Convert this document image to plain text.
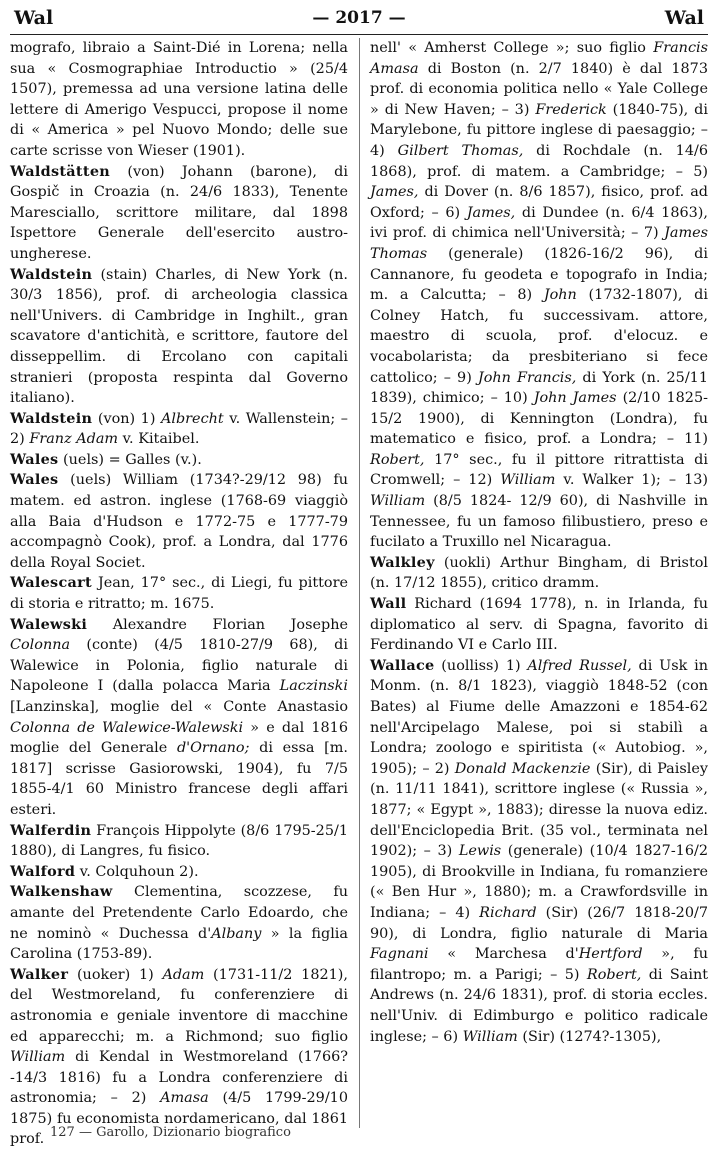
Wal	— 2017 —	Wal

mografo, libraio a Saint-Dié in Lorena; nella sua « Cosmographiae Introductio » (25/4 1507), premessa ad una versione latina delle lettere di Amerigo Vespucci, propose il nome di « America » pel Nuovo Mondo; delle sue carte scrisse von Wieser (1901).

Waldstätten (von) Johann (barone), di Gospič in Croazia (n. 24/6 1833), Tenente Maresciallo, scrittore militare, dal 1898 Ispettore Generale dell'esercito austro-ungherese.

Waldstein (stain) Charles, di New York (n. 30/3 1856), prof. di archeologia classica nell'Univers. di Cambridge in Inghilt., gran scavatore d'antichità, e scrittore, fautore del disseppellim. di Ercolano con capitali stranieri (proposta respinta dal Governo italiano).

Waldstein (von) 1) Albrecht v. Wallenstein; – 2) Franz Adam v. Kitaibel.

Wales (uels) = Galles (v.).

Wales (uels) William (1734?-29/12 98) fu matem. ed astron. inglese (1768-69 viaggiò alla Baia d'Hudson e 1772-75 e 1777-79 accompagnò Cook), prof. a Londra, dal 1776 della Royal Societ.

Walescart Jean, 17° sec., di Liegi, fu pittore di storia e ritratto; m. 1675.

Walewski Alexandre Florian Josephe Colonna (conte) (4/5 1810-27/9 68), di Walewice in Polonia, figlio naturale di Napoleone I (dalla polacca Maria Laczinski [Lanzinska], moglie del « Conte Anastasio Colonna de Walewice-Walewski » e dal 1816 moglie del Generale d'Ornano; di essa [m. 1817] scrisse Gasiorowski, 1904), fu 7/5 1855-4/1 60 Ministro francese degli affari esteri.

Walferdin François Hippolyte (8/6 1795-25/1 1880), di Langres, fu fisico.

Walford v. Colquhoun 2).

Walkenshaw Clementina, scozzese, fu amante del Pretendente Carlo Edoardo, che ne nominò « Duchessa d'Albany » la figlia Carolina (1753-89).

Walker (uoker) 1) Adam (1731-11/2 1821), del Westmoreland, fu conferenziere di astronomia e geniale inventore di macchine ed apparecchi; m. a Richmond; suo figlio William di Kendal in Westmoreland (1766?-14/3 1816) fu a Londra conferenziere di astronomia; – 2) Amasa (4/5 1799-29/10 1875) fu economista nordamericano, dal 1861 prof.

nell' « Amherst College »; suo figlio Francis Amasa di Boston (n. 2/7 1840) è dal 1873 prof. di economia politica nello « Yale College » di New Haven; – 3) Frederick (1840-75), di Marylebone, fu pittore inglese di paesaggio; – 4) Gilbert Thomas, di Rochdale (n. 14/6 1868), prof. di matem. a Cambridge; – 5) James, di Dover (n. 8/6 1857), fisico, prof. ad Oxford; – 6) James, di Dundee (n. 6/4 1863), ivi prof. di chimica nell'Università; – 7) James Thomas (generale) (1826-16/2 96), di Cannanore, fu geodeta e topografo in India; m. a Calcutta; – 8) John (1732-1807), di Colney Hatch, fu successivam. attore, maestro di scuola, prof. d'elocuz. e vocabolarista; da presbiteriano si fece cattolico; – 9) John Francis, di York (n. 25/11 1839), chimico; – 10) John James (2/10 1825-15/2 1900), di Kennington (Londra), fu matematico e fisico, prof. a Londra; – 11) Robert, 17° sec., fu il pittore ritrattista di Cromwell; – 12) William v. Walker 1); – 13) William (8/5 1824- 12/9 60), di Nashville in Tennessee, fu un famoso filibustiero, preso e fucilato a Truxillo nel Nicaragua.

Walkley (uokli) Arthur Bingham, di Bristol (n. 17/12 1855), critico dramm.

Wall Richard (1694 1778), n. in Irlanda, fu diplomatico al serv. di Spagna, favorito di Ferdinando VI e Carlo III.

Wallace (uolliss) 1) Alfred Russel, di Usk in Monm. (n. 8/1 1823), viaggiò 1848-52 (con Bates) al Fiume delle Amazzoni e 1854-62 nell'Arcipelago Malese, poi si stabilì a Londra; zoologo e spiritista (« Autobiog. », 1905); – 2) Donald Mackenzie (Sir), di Paisley (n. 11/11 1841), scrittore inglese (« Russia », 1877; « Egypt », 1883); diresse la nuova ediz. dell'Enciclopedia Brit. (35 vol., terminata nel 1902); – 3) Lewis (generale) (10/4 1827-16/2 1905), di Brookville in Indiana, fu romanziere (« Ben Hur », 1880); m. a Crawfordsville in Indiana; – 4) Richard (Sir) (26/7 1818-20/7 90), di Londra, figlio naturale di Maria Fagnani « Marchesa d'Hertford », fu filantropo; m. a Parigi; – 5) Robert, di Saint Andrews (n. 24/6 1831), prof. di storia eccles. nell'Univ. di Edimburgo e politico radicale inglese; – 6) William (Sir) (1274?-1305),

127 — Garollo, Dizionario biografico
